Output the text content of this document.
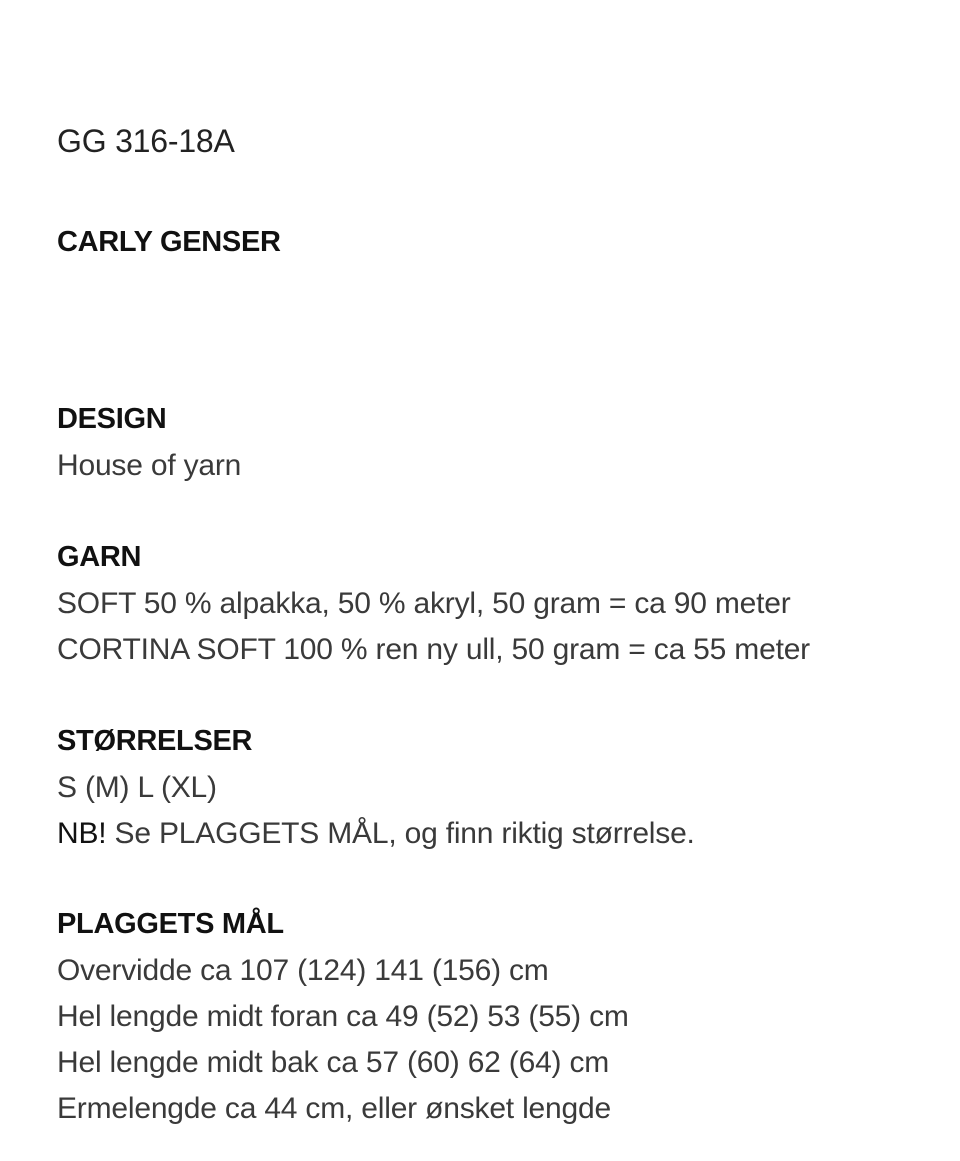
GG 316-18A
CARLY GENSER
DESIGN
House of yarn
GARN
SOFT 50 % alpakka, 50 % akryl, 50 gram = ca 90 meter
CORTINA SOFT 100 % ren ny ull, 50 gram = ca 55 meter
STØRRELSER
S (M) L (XL)
NB! Se PLAGGETS MÅL, og finn riktig størrelse.
PLAGGETS MÅL
Overvidde ca 107 (124) 141 (156) cm
Hel lengde midt foran ca 49 (52) 53 (55) cm
Hel lengde midt bak ca 57 (60) 62 (64) cm
Ermelengde ca 44 cm, eller ønsket lengde
